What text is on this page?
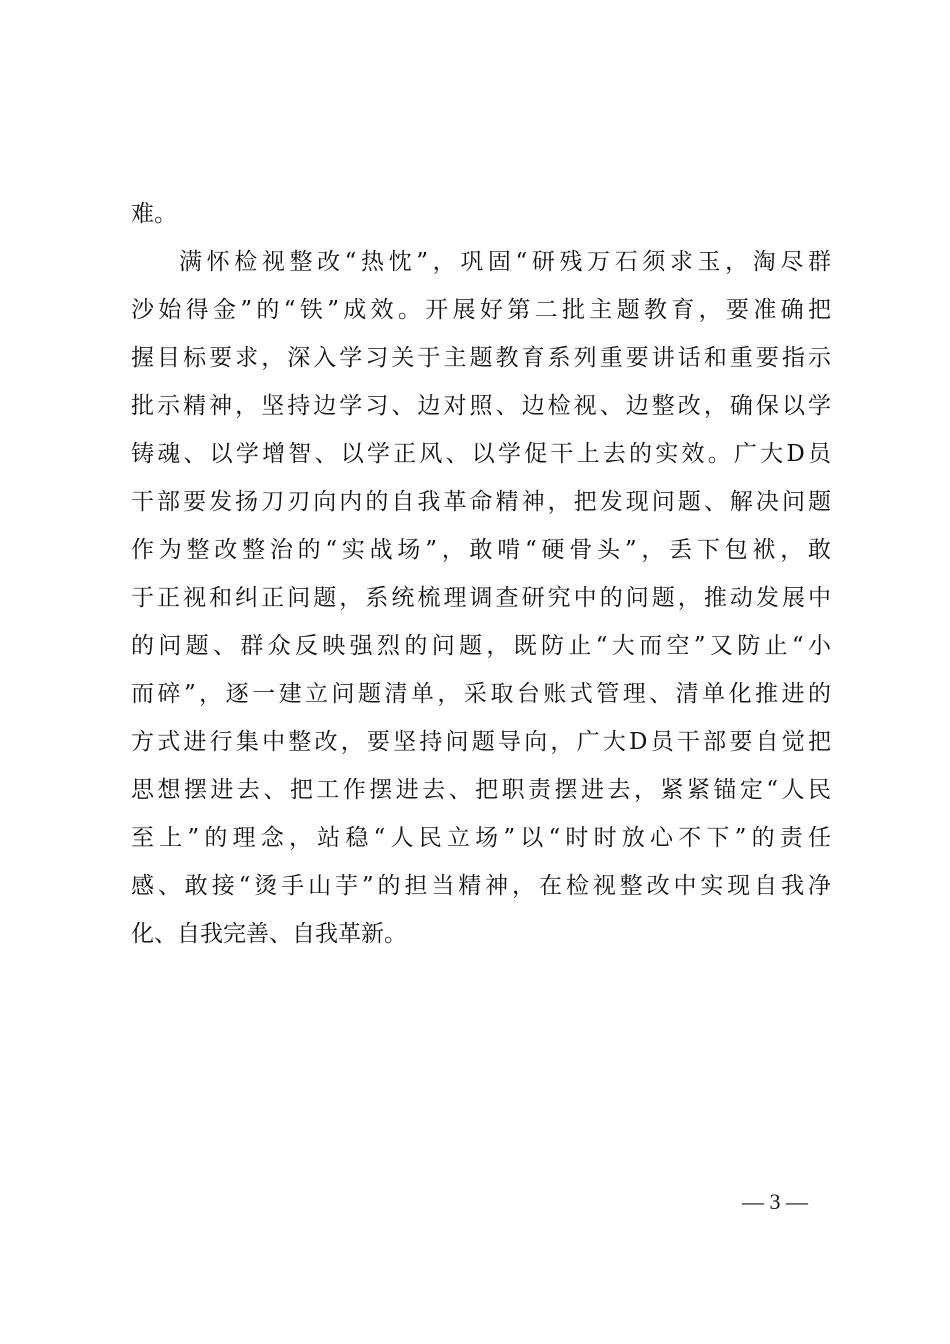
难。
满怀检视整改“热忱”，巩固“研残万石须求玉，淘尽群
沙始得金”的“铁”成效。开展好第二批主题教育，要准确把
握目标要求，深入学习关于主题教育系列重要讲话和重要指示
批示精神，坚持边学习、边对照、边检视、边整改，确保以学
铸魂、以学增智、以学正风、以学促干上去的实效。广大D员
干部要发扬刀刃向内的自我革命精神，把发现问题、解决问题
作为整改整治的“实战场”，敢啃“硬骨头”，丢下包袱，敢
于正视和纠正问题，系统梳理调查研究中的问题，推动发展中
的问题、群众反映强烈的问题，既防止“大而空”又防止“小
而碎”，逐一建立问题清单，采取台账式管理、清单化推进的
方式进行集中整改，要坚持问题导向，广大D员干部要自觉把
思想摆进去、把工作摆进去、把职责摆进去，紧紧锚定“人民
至上”的理念，站稳“人民立场”以“时时放心不下”的责任
感、敢接“烫手山芋”的担当精神，在检视整改中实现自我净
化、自我完善、自我革新。
— 3 —
